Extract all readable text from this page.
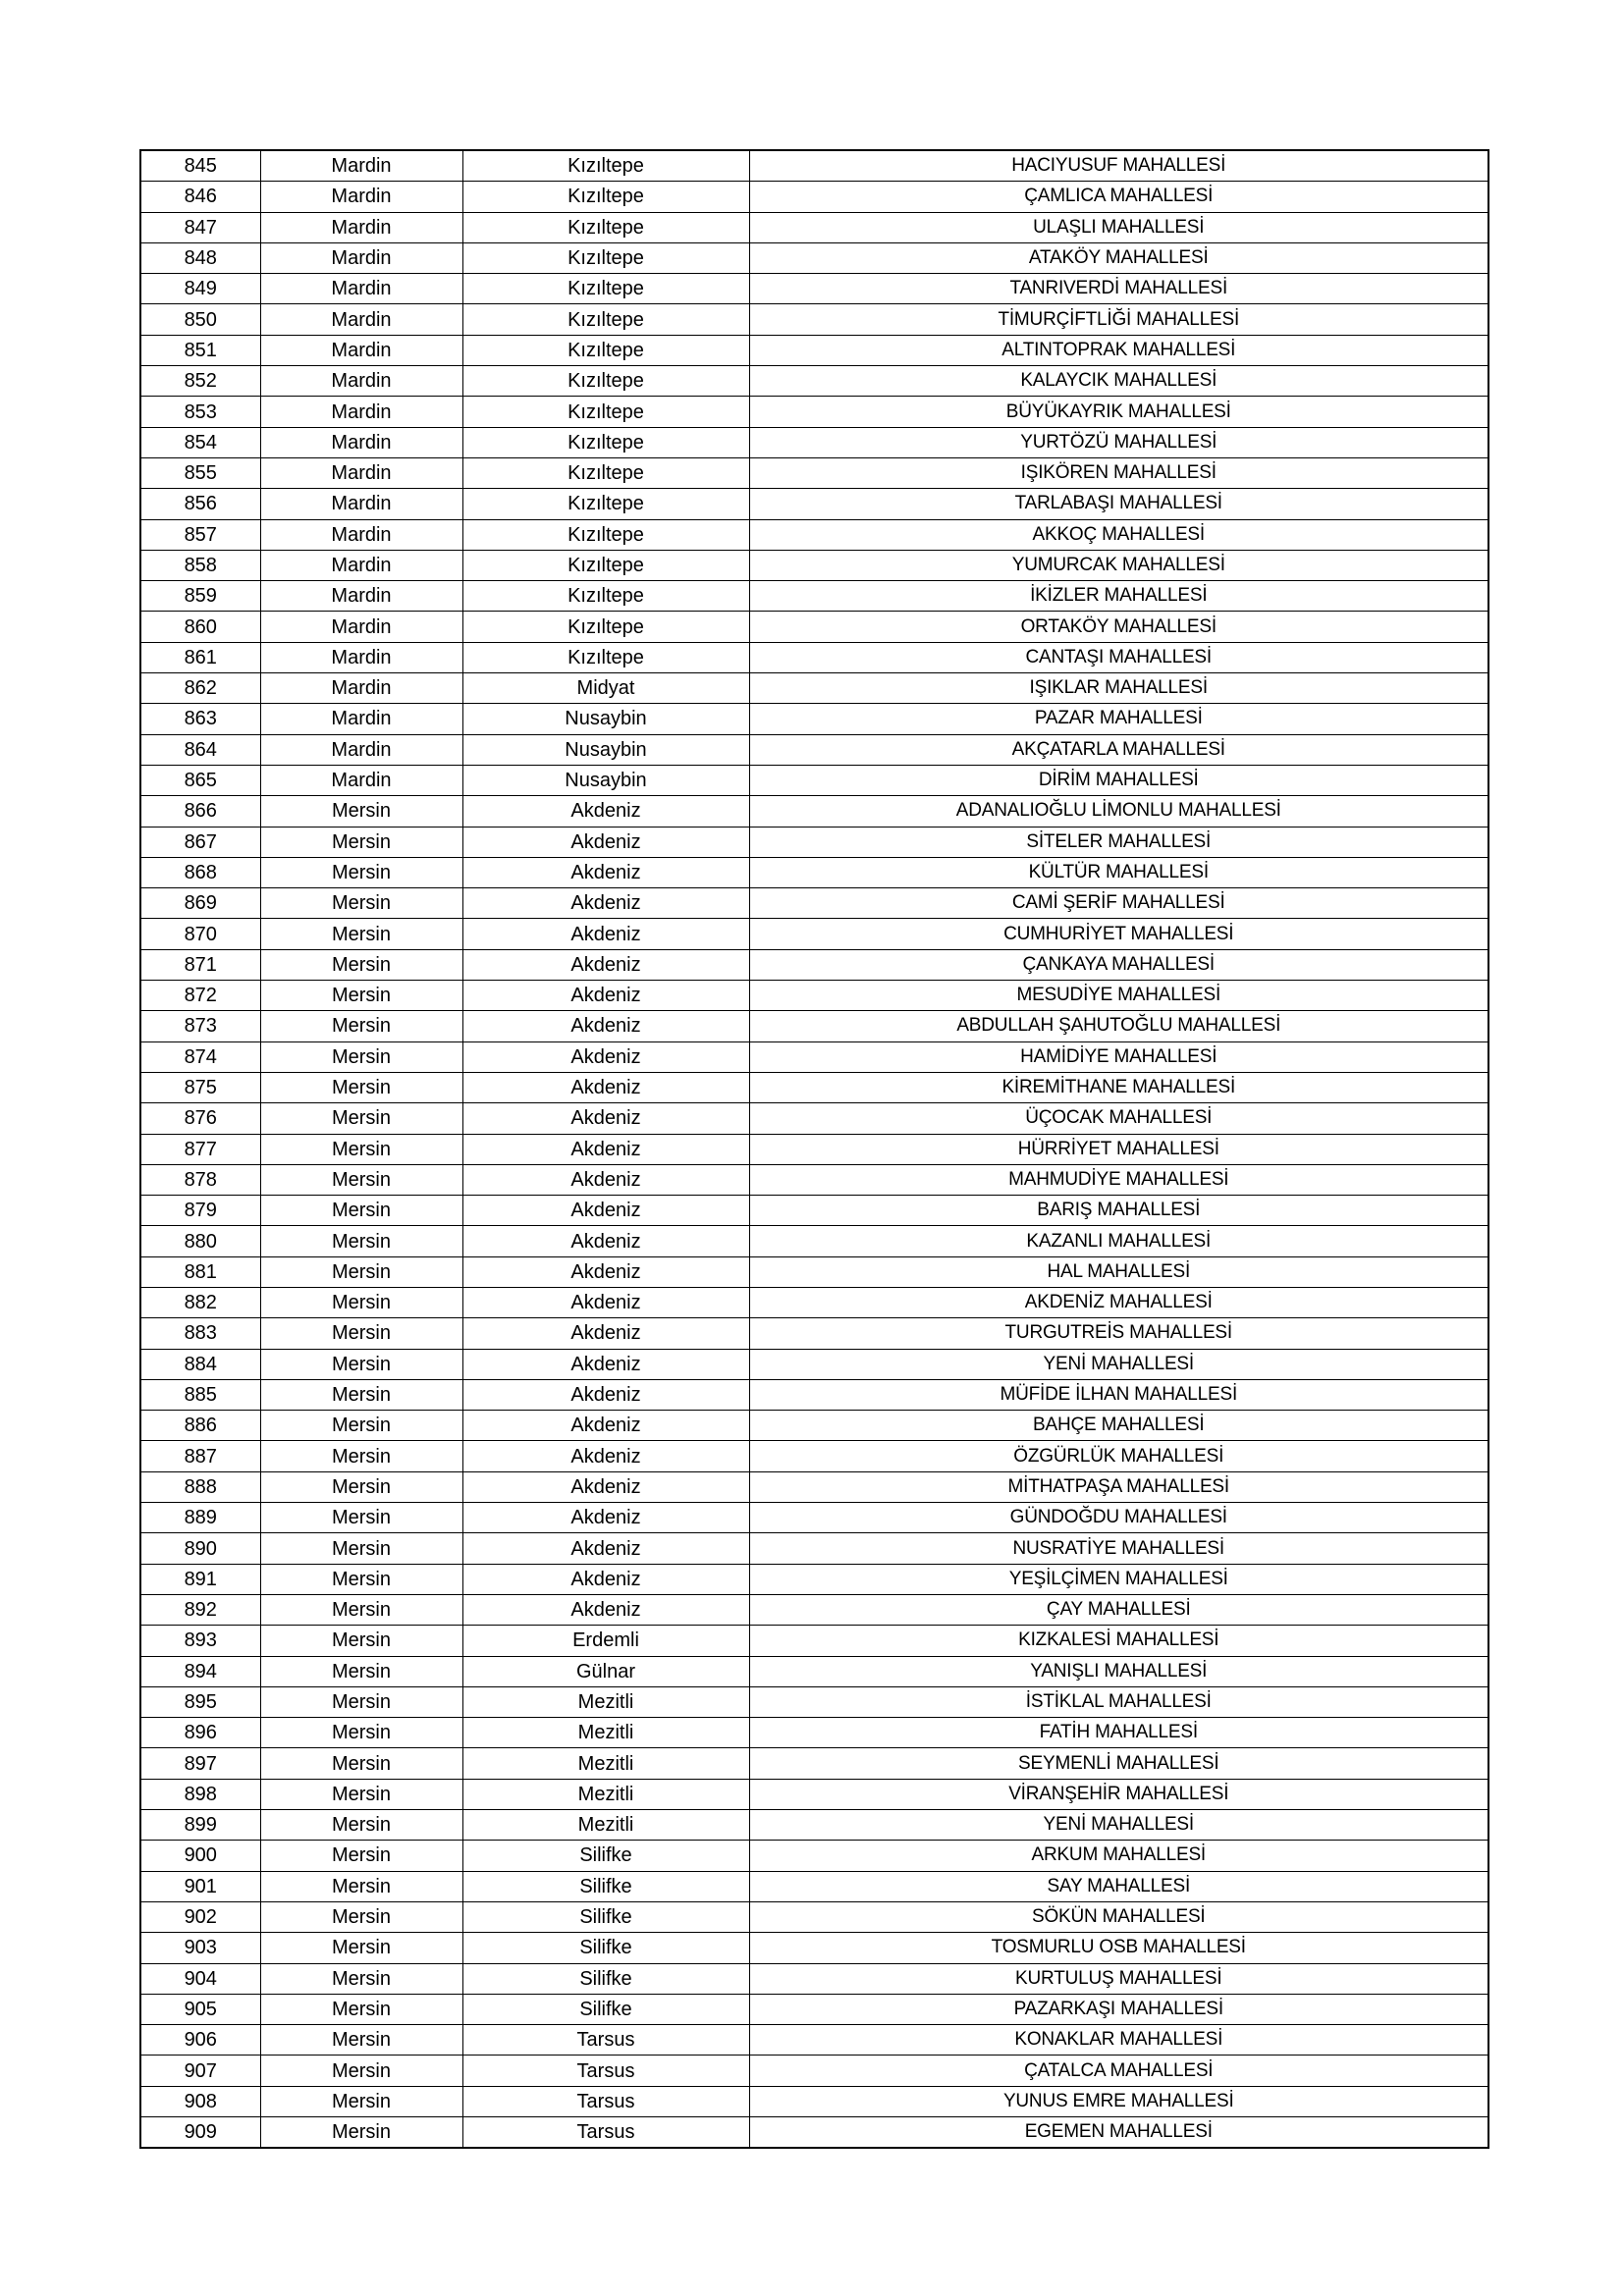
845	Mardin	Kızıltepe	HACIYUSUF MAHALLESİ
846	Mardin	Kızıltepe	ÇAMLICA MAHALLESİ
847	Mardin	Kızıltepe	ULAŞLI MAHALLESİ
848	Mardin	Kızıltepe	ATAKÖY MAHALLESİ
849	Mardin	Kızıltepe	TANRIVERDİ MAHALLESİ
850	Mardin	Kızıltepe	TİMURÇİFTLİĞİ MAHALLESİ
851	Mardin	Kızıltepe	ALTINTOPRAK MAHALLESİ
852	Mardin	Kızıltepe	KALAYCIK MAHALLESİ
853	Mardin	Kızıltepe	BÜYÜKAYRIK MAHALLESİ
854	Mardin	Kızıltepe	YURTÖZÜ MAHALLESİ
855	Mardin	Kızıltepe	IŞIKÖREN MAHALLESİ
856	Mardin	Kızıltepe	TARLABAŞI MAHALLESİ
857	Mardin	Kızıltepe	AKKOÇ MAHALLESİ
858	Mardin	Kızıltepe	YUMURCAK MAHALLESİ
859	Mardin	Kızıltepe	İKİZLER MAHALLESİ
860	Mardin	Kızıltepe	ORTAKÖY MAHALLESİ
861	Mardin	Kızıltepe	CANTAŞI MAHALLESİ
862	Mardin	Midyat	IŞIKLAR MAHALLESİ
863	Mardin	Nusaybin	PAZAR MAHALLESİ
864	Mardin	Nusaybin	AKÇATARLA MAHALLESİ
865	Mardin	Nusaybin	DİRİM MAHALLESİ
866	Mersin	Akdeniz	ADANALIOĞLU LİMONLU MAHALLESİ
867	Mersin	Akdeniz	SİTELER MAHALLESİ
868	Mersin	Akdeniz	KÜLTÜR MAHALLESİ
869	Mersin	Akdeniz	CAMİ ŞERİF MAHALLESİ
870	Mersin	Akdeniz	CUMHURİYET MAHALLESİ
871	Mersin	Akdeniz	ÇANKAYA MAHALLESİ
872	Mersin	Akdeniz	MESUDİYE MAHALLESİ
873	Mersin	Akdeniz	ABDULLAH ŞAHUTOĞLU MAHALLESİ
874	Mersin	Akdeniz	HAMİDİYE MAHALLESİ
875	Mersin	Akdeniz	KİREMİTHANE MAHALLESİ
876	Mersin	Akdeniz	ÜÇOCAK MAHALLESİ
877	Mersin	Akdeniz	HÜRRİYET MAHALLESİ
878	Mersin	Akdeniz	MAHMUDİYE MAHALLESİ
879	Mersin	Akdeniz	BARIŞ MAHALLESİ
880	Mersin	Akdeniz	KAZANLI MAHALLESİ
881	Mersin	Akdeniz	HAL MAHALLESİ
882	Mersin	Akdeniz	AKDENİZ MAHALLESİ
883	Mersin	Akdeniz	TURGUTREİS MAHALLESİ
884	Mersin	Akdeniz	YENİ MAHALLESİ
885	Mersin	Akdeniz	MÜFİDE İLHAN MAHALLESİ
886	Mersin	Akdeniz	BAHÇE MAHALLESİ
887	Mersin	Akdeniz	ÖZGÜRLÜK MAHALLESİ
888	Mersin	Akdeniz	MİTHATPAŞA MAHALLESİ
889	Mersin	Akdeniz	GÜNDOĞDU MAHALLESİ
890	Mersin	Akdeniz	NUSRATİYE MAHALLESİ
891	Mersin	Akdeniz	YEŞİLÇİMEN MAHALLESİ
892	Mersin	Akdeniz	ÇAY MAHALLESİ
893	Mersin	Erdemli	KIZKALESİ MAHALLESİ
894	Mersin	Gülnar	YANIŞLI MAHALLESİ
895	Mersin	Mezitli	İSTİKLAL MAHALLESİ
896	Mersin	Mezitli	FATİH MAHALLESİ
897	Mersin	Mezitli	SEYMENLİ MAHALLESİ
898	Mersin	Mezitli	VİRANŞEHİR MAHALLESİ
899	Mersin	Mezitli	YENİ MAHALLESİ
900	Mersin	Silifke	ARKUM MAHALLESİ
901	Mersin	Silifke	SAY MAHALLESİ
902	Mersin	Silifke	SÖKÜN MAHALLESİ
903	Mersin	Silifke	TOSMURLU OSB MAHALLESİ
904	Mersin	Silifke	KURTULUŞ MAHALLESİ
905	Mersin	Silifke	PAZARKAŞI MAHALLESİ
906	Mersin	Tarsus	KONAKLAR MAHALLESİ
907	Mersin	Tarsus	ÇATALCA MAHALLESİ
908	Mersin	Tarsus	YUNUS EMRE MAHALLESİ
909	Mersin	Tarsus	EGEMEN MAHALLESİ
